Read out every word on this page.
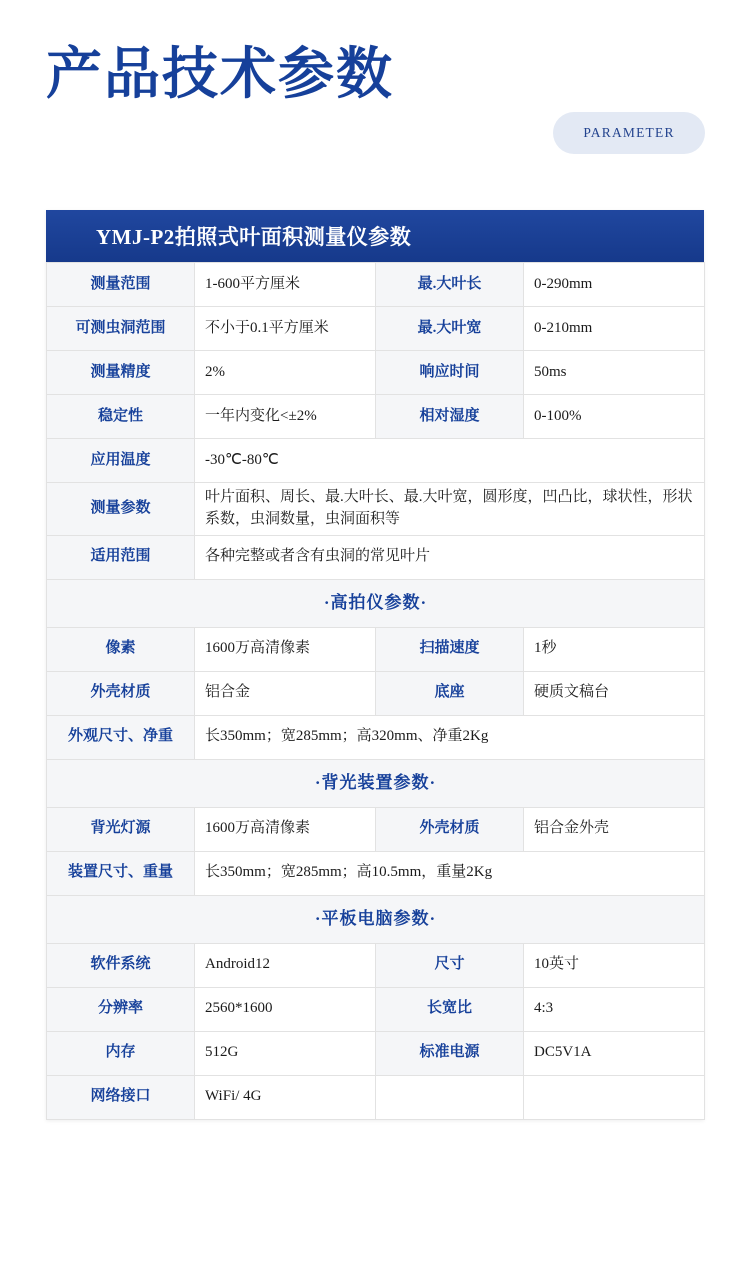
产品技术参数
PARAMETER
YMJ-P2拍照式叶面积测量仪参数
测量范围	1-600平方厘米	最.大叶长	0-290mm
可测虫洞范围	不小于0.1平方厘米	最.大叶宽	0-210mm
测量精度	2%	响应时间	50ms
稳定性	一年内变化<±2%	相对湿度	0-100%
应用温度	-30℃-80℃		
测量参数	叶片面积、周长、最.大叶长、最.大叶宽，圆形度，凹凸比，球状性，形状系数，虫洞数量，虫洞面积等		
适用范围	各种完整或者含有虫洞的常见叶片		
·高拍仪参数·			
像素	1600万高清像素	扫描速度	1秒
外壳材质	铝合金	底座	硬质文稿台
外观尺寸、净重	长350mm；宽285mm；高320mm、净重2Kg		
·背光装置参数·			
背光灯源	1600万高清像素	外壳材质	铝合金外壳
装置尺寸、重量	长350mm；宽285mm；高10.5mm，重量2Kg		
·平板电脑参数·			
软件系统	Android12	尺寸	10英寸
分辨率	2560*1600	长宽比	4:3
内存	512G	标准电源	DC5V1A
网络接口	WiFi/ 4G		
